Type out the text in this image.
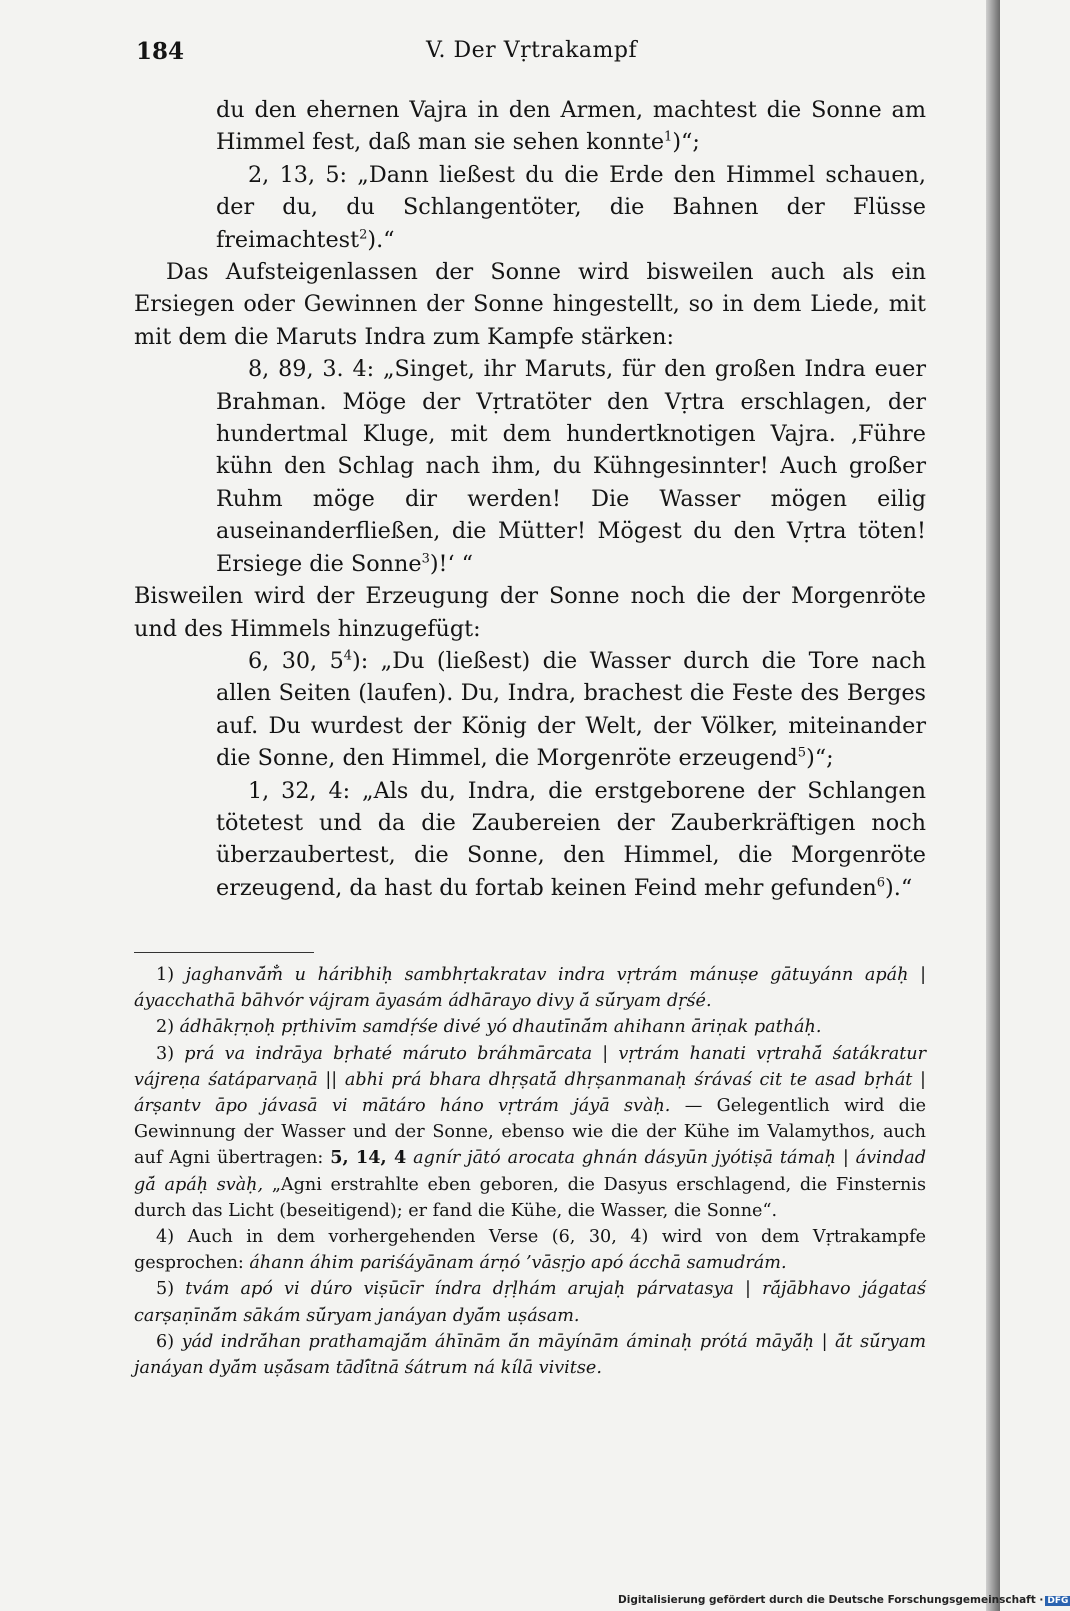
184	V. Der Vṛtrakampf
du den ehernen Vajra in den Armen, machtest die Sonne am Himmel fest, daß man sie sehen konnte$^1$)“;
2, 13, 5: „Dann ließest du die Erde den Himmel schauen, der du, du Schlangentöter, die Bahnen der Flüsse freimachtest$^2$).“
Das Aufsteigenlassen der Sonne wird bisweilen auch als ein Ersiegen oder Gewinnen der Sonne hingestellt, so in dem Liede, mit mit dem die Maruts Indra zum Kampfe stärken:
8, 89, 3. 4: „Singet, ihr Maruts, für den großen Indra euer Brahman. Möge der Vṛtratöter den Vṛtra erschlagen, der hundertmal Kluge, mit dem hundertknotigen Vajra. ‚Führe kühn den Schlag nach ihm, du Kühngesinnter! Auch großer Ruhm möge dir werden! Die Wasser mögen eilig auseinanderfließen, die Mütter! Mögest du den Vṛtra töten! Ersiege die Sonne$^3$)!‘ “
Bisweilen wird der Erzeugung der Sonne noch die der Morgenröte und des Himmels hinzugefügt:
6, 30, $5^4$): „Du (ließest) die Wasser durch die Tore nach allen Seiten (laufen). Du, Indra, brachest die Feste des Berges auf. Du wurdest der König der Welt, der Völker, miteinander die Sonne, den Himmel, die Morgenröte erzeugend$^5$)“;
1, 32, 4: „Als du, Indra, die erstgeborene der Schlangen tötetest und da die Zaubereien der Zauberkräftigen noch überzaubertest, die Sonne, den Himmel, die Morgenröte erzeugend, da hast du fortab keinen Feind mehr gefunden$^6$).“
1) jaghanvā́m̐ u háribhiḥ sambhṛtakratav indra vṛtrám mánuṣe gātuyánn apáḥ | áyacchathā bāhvór vájram āyasám ádhārayo divy ā́ sū́ryam dṛśé.
2) ádhākṛṇoḥ pṛthivīm samdṛ́śe divé yó dhautīnā́m ahihann āriṇak patháḥ.
3) prá va indrāya bṛhaté máruto bráhmārcata | vṛtrám hanati vṛtrahā́ śatákratur vájreṇa śatáparvaṇā || abhi prá bhara dhṛṣatā́ dhṛṣanmanaḥ śrávaś cit te asad bṛhát | árṣantv āpo jávasā vi mātáro háno vṛtrám jáyā svàḥ. — Gelegentlich wird die Gewinnung der Wasser und der Sonne, ebenso wie die der Kühe im Valamythos, auch auf Agni übertragen: 5, 14, 4 agnír jātó arocata ghnán dásyūn jyótiṣā támaḥ | ávindad gā́ apáḥ svàḥ, „Agni erstrahlte eben geboren, die Dasyus erschlagend, die Finsternis durch das Licht (beseitigend); er fand die Kühe, die Wasser, die Sonne“.
4) Auch in dem vorhergehenden Verse (6, 30, 4) wird von dem Vṛtrakampfe gesprochen: áhann áhim pariśáyānam árṇó ’vāsṛjo apó ácchā samudrám.
5) tvám apó vi dúro viṣūcīr índra dṛḷhám arujaḥ párvatasya | rā́jābhavo jágataś carṣaṇīnā́m sākám sū́ryam janáyan dyā́m uṣásam.
6) yád indrā́han prathamajā́m áhīnām ā́n māyínām áminaḥ prótá māyā́ḥ | ā́t sū́ryam janáyan dyā́m uṣā́sam tādī́tnā śátrum ná kílā vivitse.
Digitalisierung gefördert durch die Deutsche Forschungsgemeinschaft · DFG
